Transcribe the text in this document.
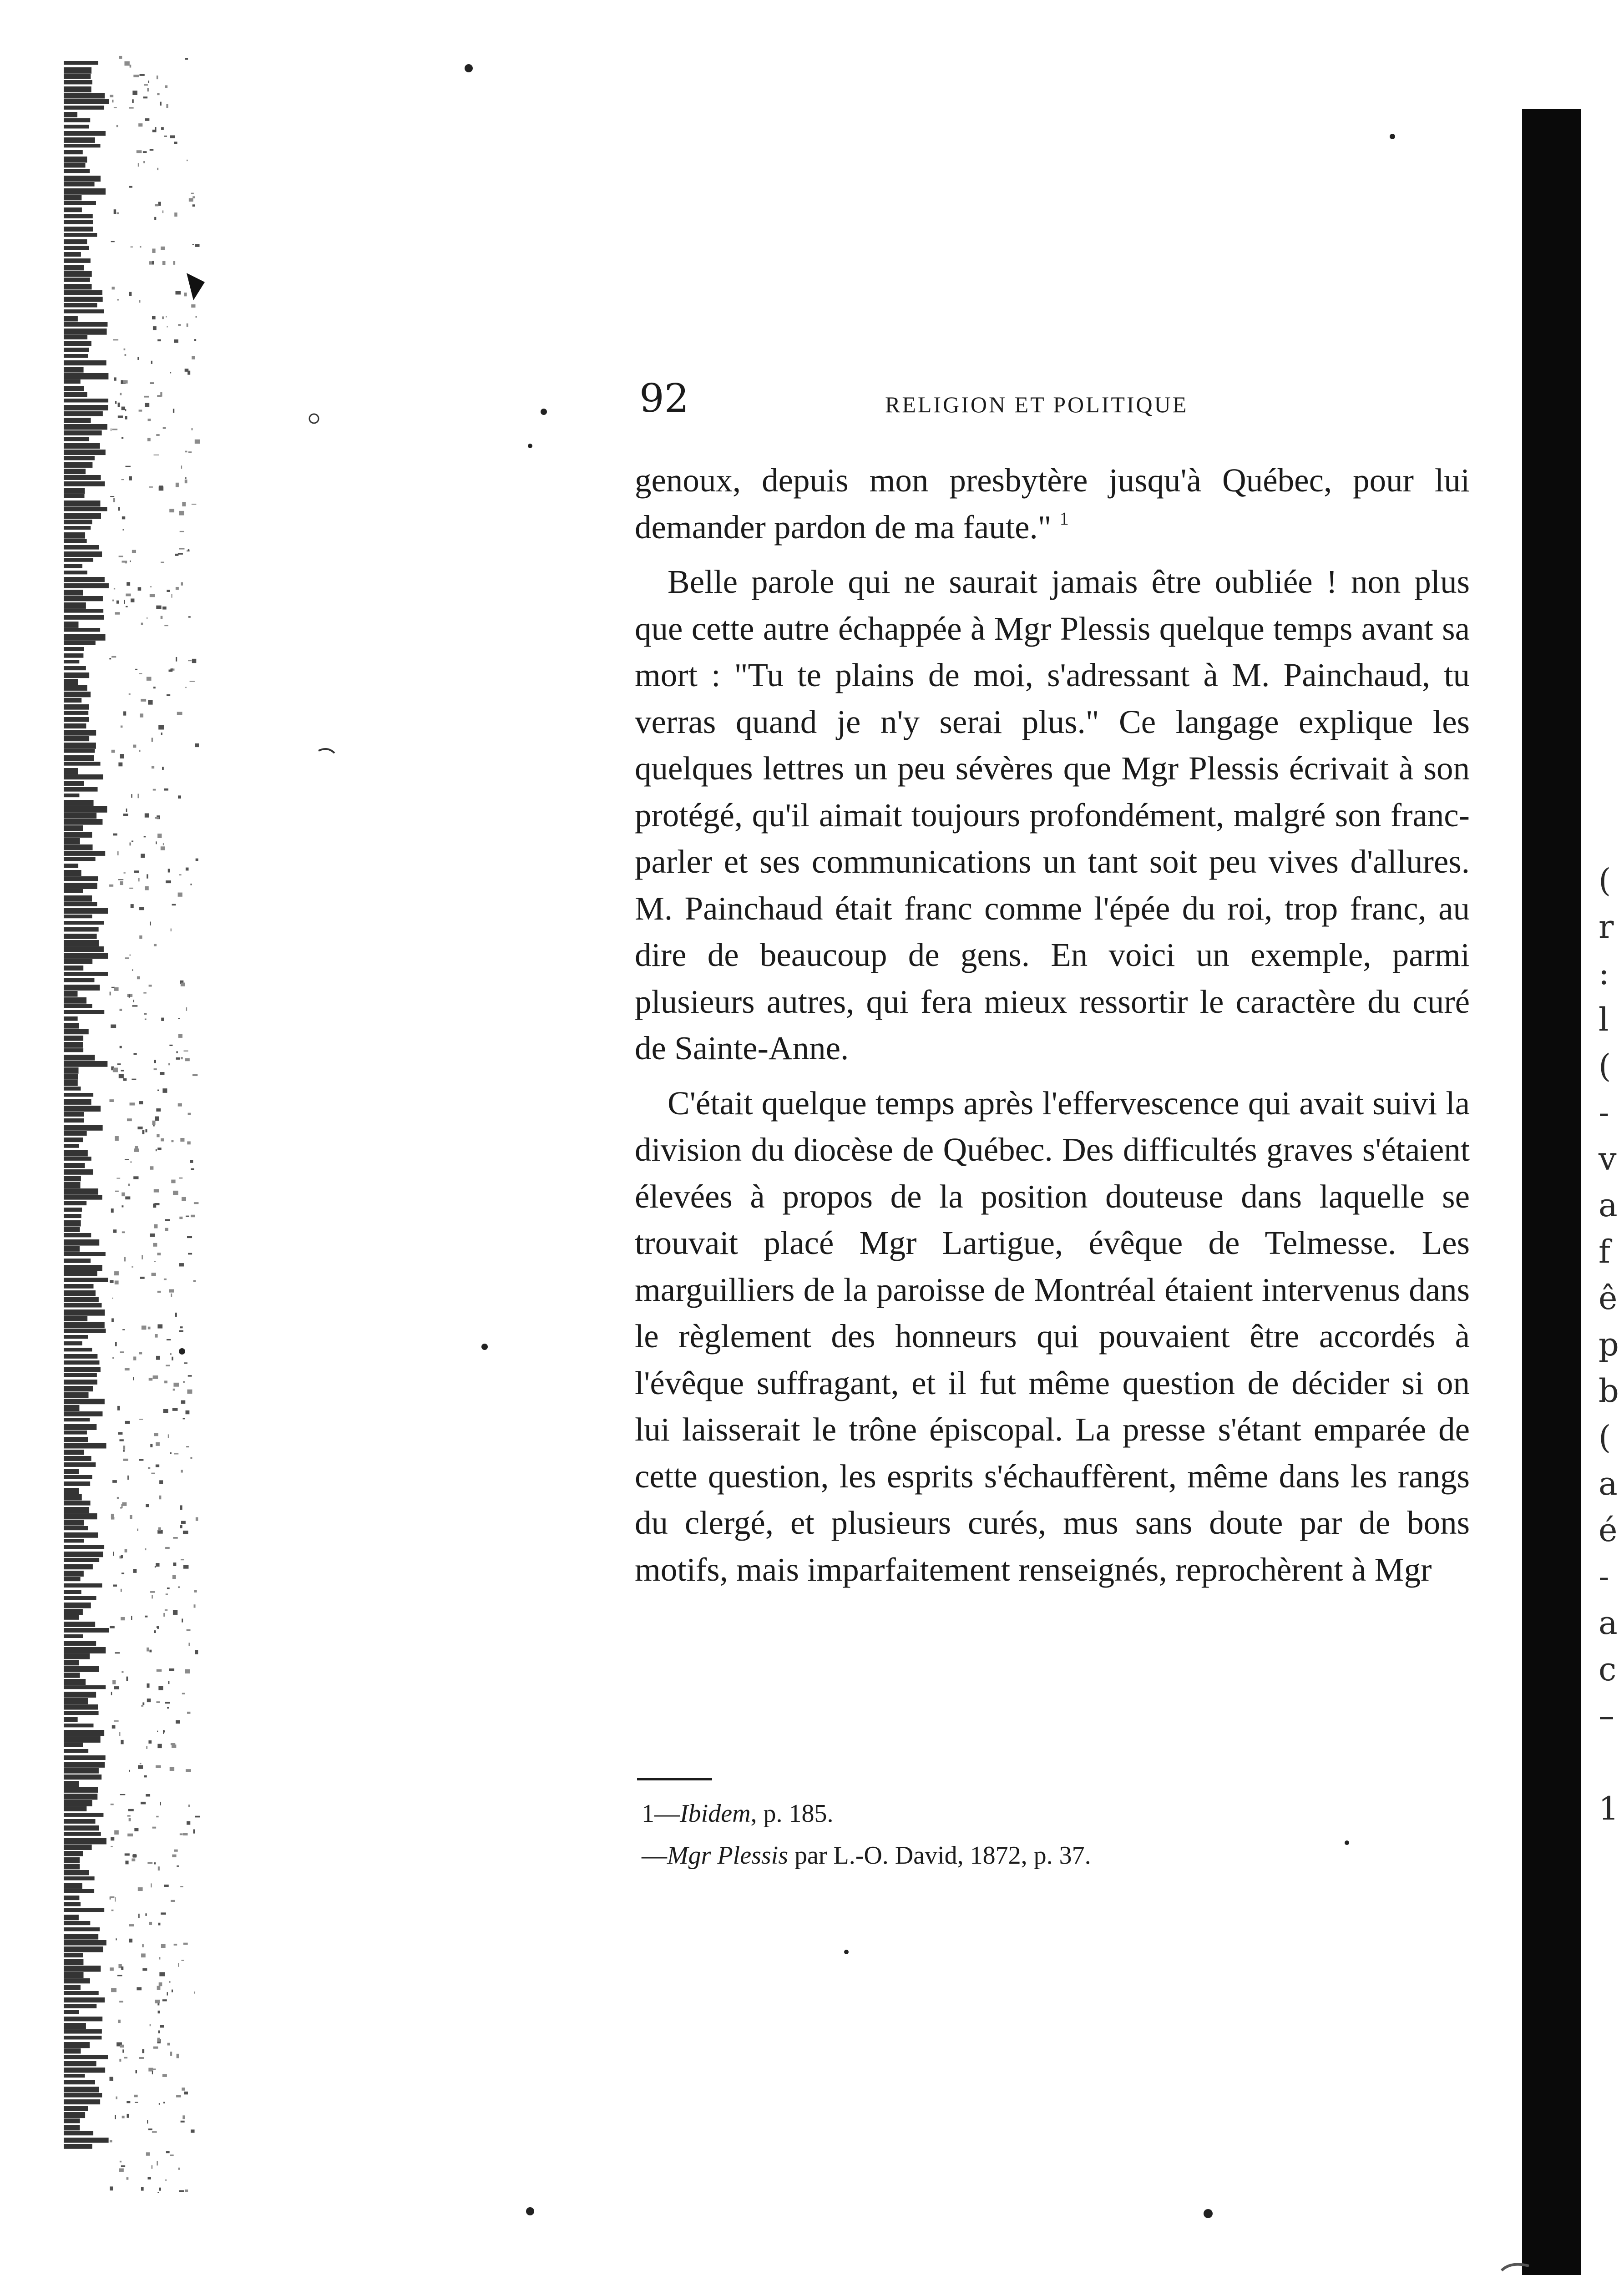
(
r
:
l
(
-
v
a
f
ê
p
b
(
a
é
-
a
c
–
1
92	RELIGION ET POLITIQUE

genoux, depuis mon presbytère jusqu'à Québec, pour lui demander pardon de ma faute." $^1$

Belle parole qui ne saurait jamais être oubliée ! non plus que cette autre échappée à Mgr Plessis quelque temps avant sa mort : "Tu te plains de moi, s'adressant à M. Painchaud, tu verras quand je n'y serai plus." Ce langage explique les quelques lettres un peu sévères que Mgr Plessis écrivait à son protégé, qu'il aimait toujours profondément, malgré son franc-parler et ses communications un tant soit peu vives d'allures. M. Painchaud était franc comme l'épée du roi, trop franc, au dire de beaucoup de gens. En voici un exemple, parmi plusieurs autres, qui fera mieux ressortir le caractère du curé de Sainte-Anne.

C'était quelque temps après l'effervescence qui avait suivi la division du diocèse de Québec. Des difficultés graves s'étaient élevées à propos de la position douteuse dans laquelle se trouvait placé Mgr Lartigue, évêque de Telmesse. Les marguilliers de la paroisse de Montréal étaient intervenus dans le règlement des honneurs qui pouvaient être accordés à l'évêque suffragant, et il fut même question de décider si on lui laisserait le trône épiscopal. La presse s'étant emparée de cette question, les esprits s'échauffèrent, même dans les rangs du clergé, et plusieurs curés, mus sans doute par de bons motifs, mais imparfaitement renseignés, reprochèrent à Mgr

1—Ibidem, p. 185.
—Mgr Plessis par L.-O. David, 1872, p. 37.
